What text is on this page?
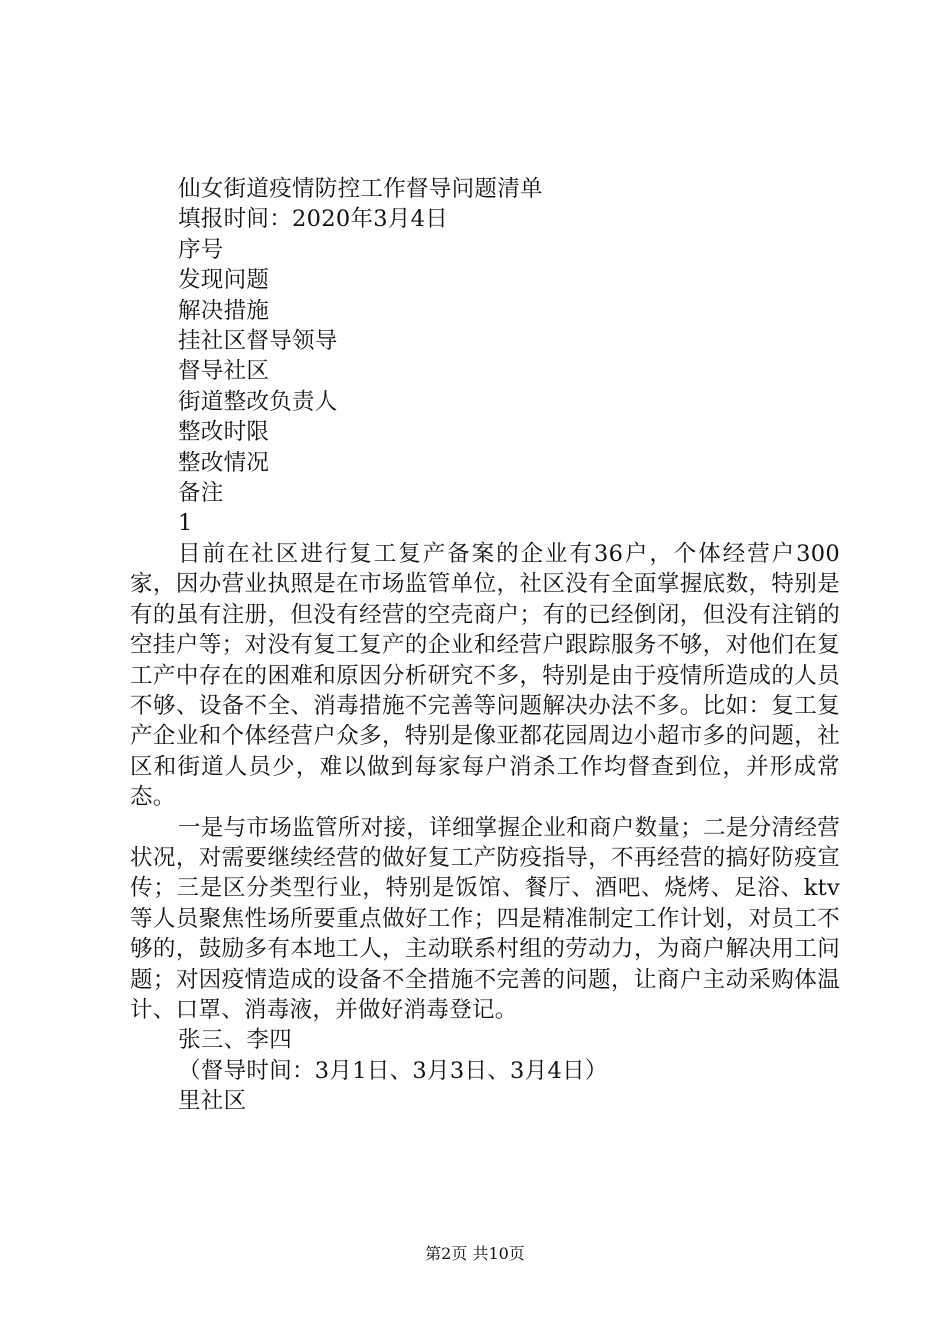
仙女街道疫情防控工作督导问题清单
填报时间：2020年3月4日
序号
发现问题
解决措施
挂社区督导领导
督导社区
街道整改负责人
整改时限
整改情况
备注
1

目前在社区进行复工复产备案的企业有36户，个体经营户300家，因办营业执照是在市场监管单位，社区没有全面掌握底数，特别是有的虽有注册，但没有经营的空壳商户；有的已经倒闭，但没有注销的空挂户等；对没有复工复产的企业和经营户跟踪服务不够，对他们在复工产中存在的困难和原因分析研究不多，特别是由于疫情所造成的人员不够、设备不全、消毒措施不完善等问题解决办法不多。比如：复工复产企业和个体经营户众多，特别是像亚都花园周边小超市多的问题，社区和街道人员少，难以做到每家每户消杀工作均督查到位，并形成常态。

一是与市场监管所对接，详细掌握企业和商户数量；二是分清经营状况，对需要继续经营的做好复工产防疫指导，不再经营的搞好防疫宣传；三是区分类型行业，特别是饭馆、餐厅、酒吧、烧烤、足浴、ktv等人员聚焦性场所要重点做好工作；四是精准制定工作计划，对员工不够的，鼓励多有本地工人，主动联系村组的劳动力，为商户解决用工问题；对因疫情造成的设备不全措施不完善的问题，让商户主动采购体温计、口罩、消毒液，并做好消毒登记。

张三、李四
（督导时间：3月1日、3月3日、3月4日）
里社区
第2页 共10页
